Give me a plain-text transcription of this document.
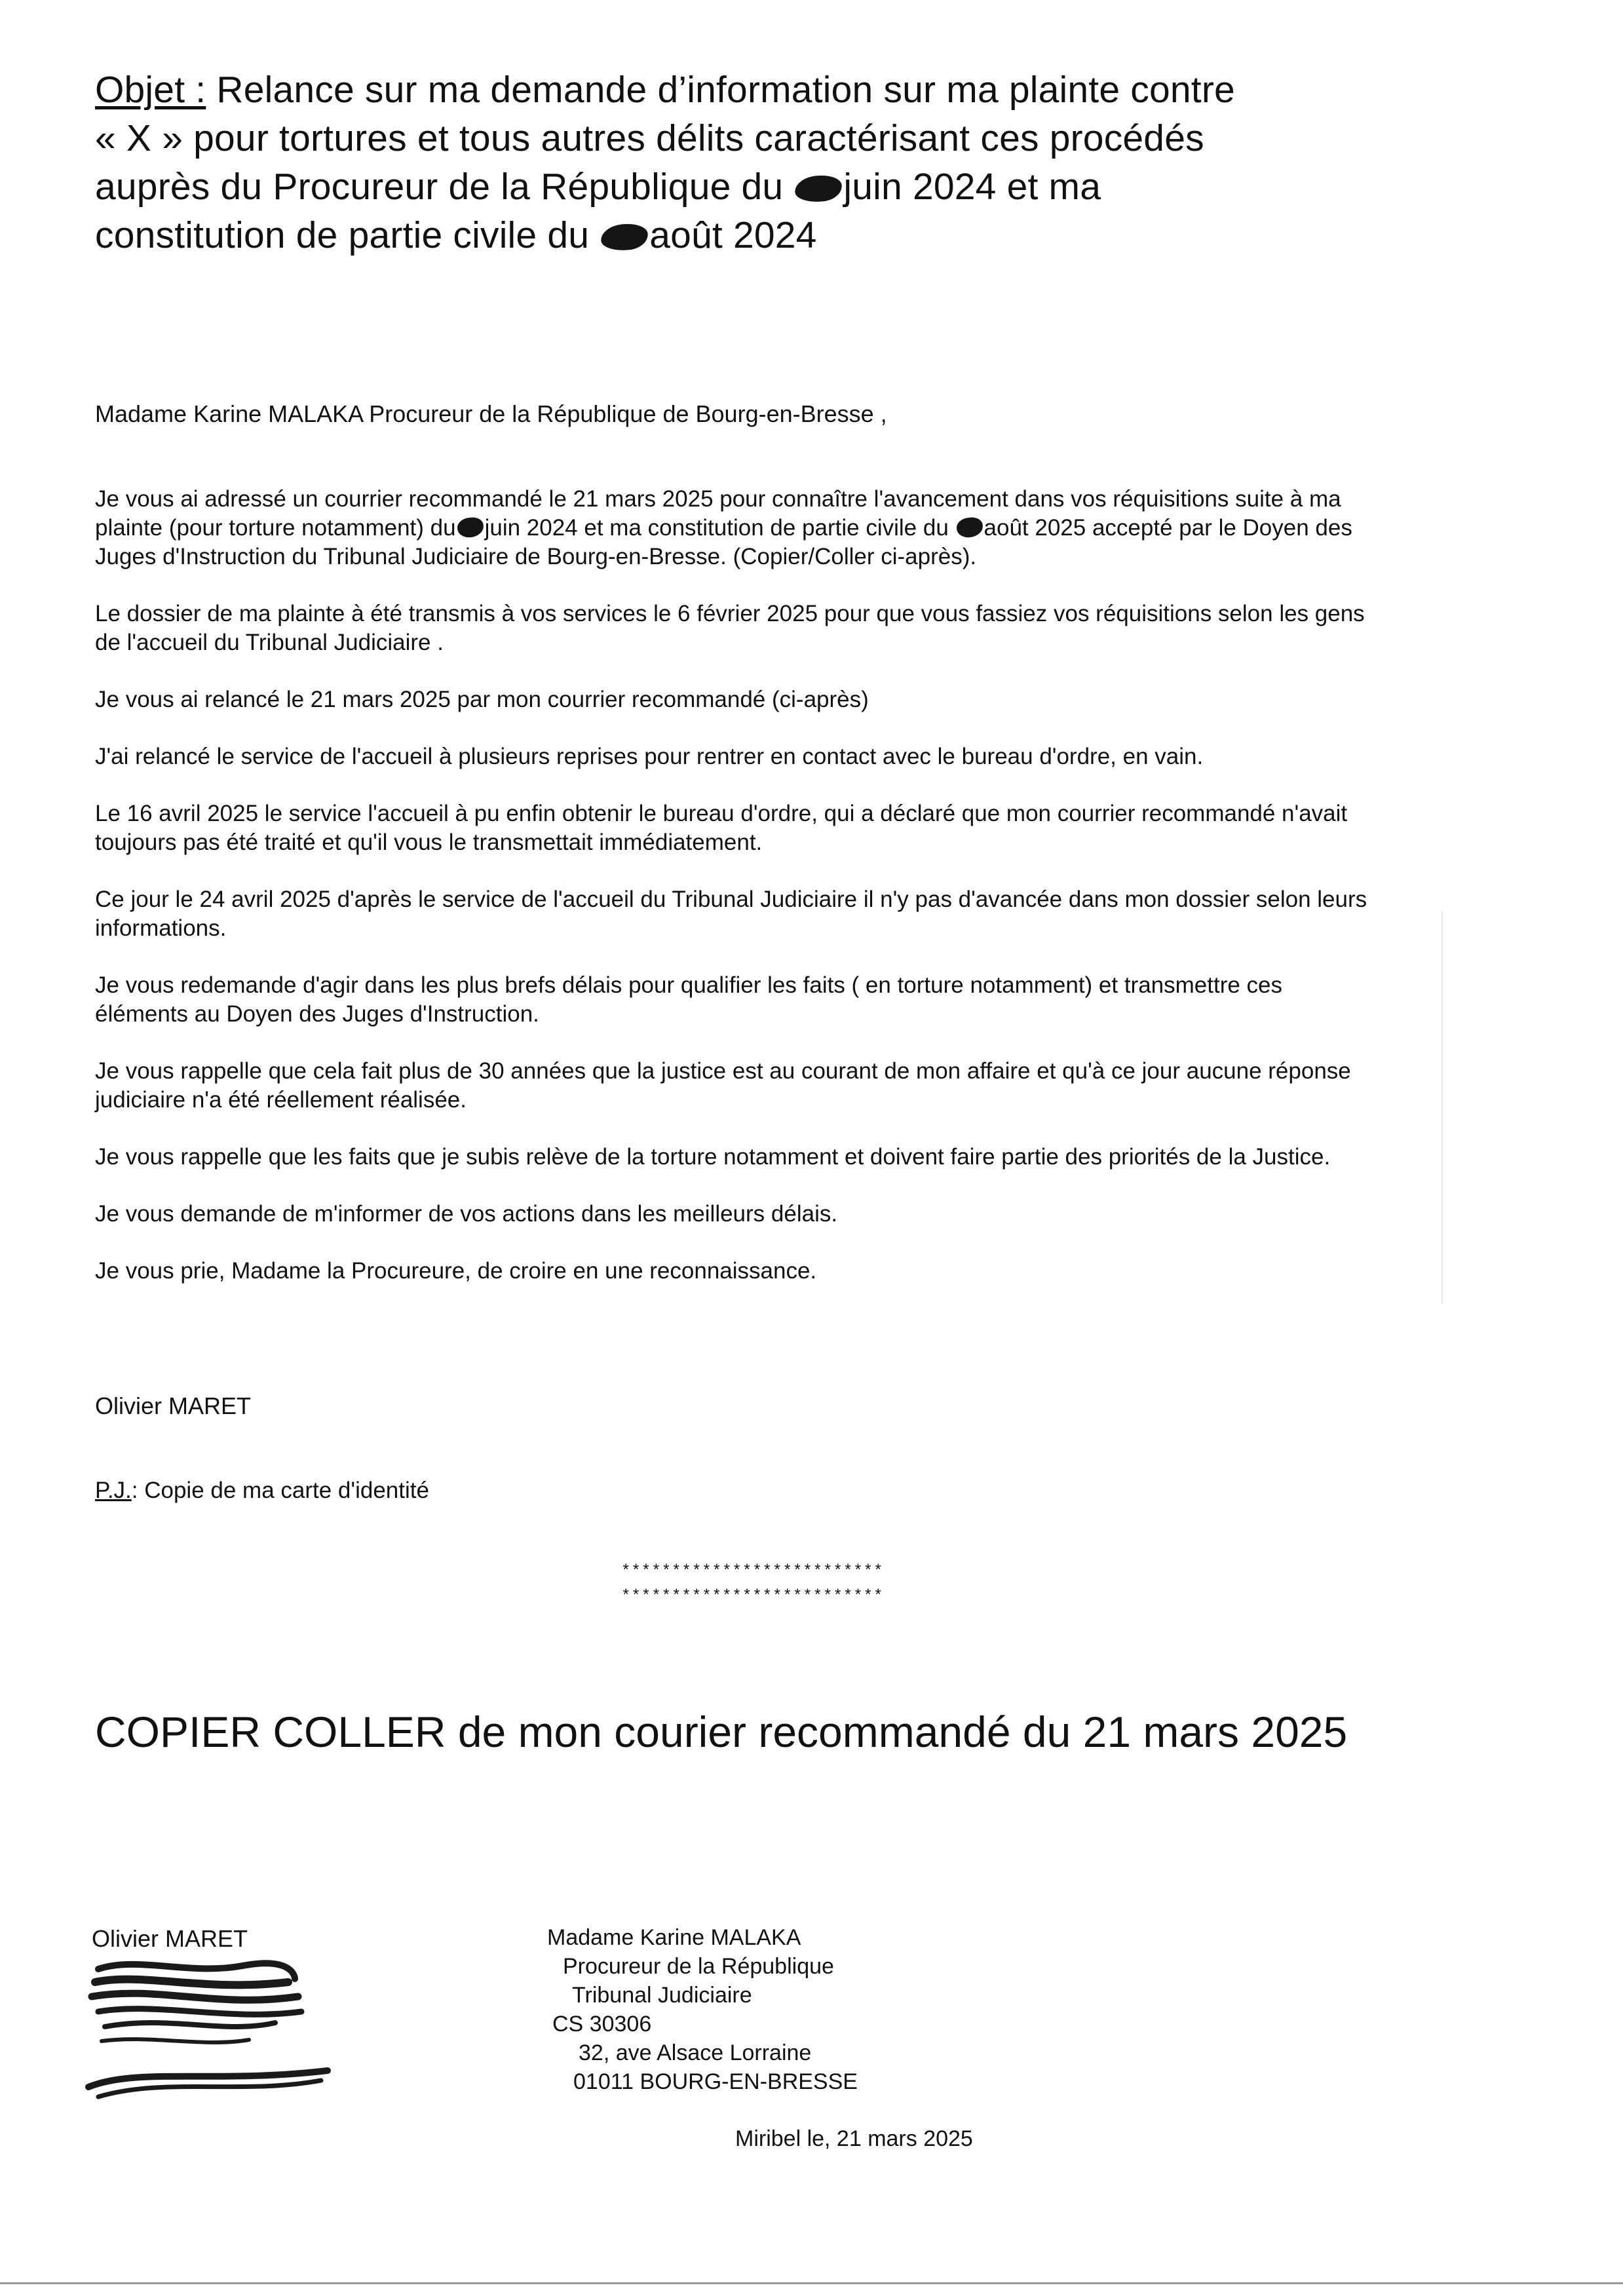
Objet : Relance sur ma demande d’information sur ma plainte contre
« X » pour tortures et tous autres délits caractérisant ces procédés
auprès du Procureur de la République du juin 2024 et ma
constitution de partie civile du août 2024
Madame Karine MALAKA Procureur de la République de Bourg-en-Bresse ,

Je vous ai adressé un courrier recommandé le 21 mars 2025 pour connaître l'avancement dans vos réquisitions suite à ma plainte (pour torture notamment) du juin 2024 et ma constitution de partie civile du août 2025 accepté par le Doyen des Juges d'Instruction du Tribunal Judiciaire de Bourg-en-Bresse. (Copier/Coller ci-après).

Le dossier de ma plainte à été transmis à vos services le 6 février 2025 pour que vous fassiez vos réquisitions selon les gens de l'accueil du Tribunal Judiciaire .

Je vous ai relancé le 21 mars 2025 par mon courrier recommandé (ci-après)

J'ai relancé le service de l'accueil à plusieurs reprises pour rentrer en contact avec le bureau d'ordre, en vain.

Le 16 avril 2025 le service l'accueil à pu enfin obtenir le bureau d'ordre, qui a déclaré que mon courrier recommandé n'avait toujours pas été traité et qu'il vous le transmettait immédiatement.

Ce jour le 24 avril 2025 d'après le service de l'accueil du Tribunal Judiciaire il n'y pas d'avancée dans mon dossier selon leurs informations.

Je vous redemande d'agir dans les plus brefs délais pour qualifier les faits ( en torture notamment) et transmettre ces éléments au Doyen des Juges d'Instruction.

Je vous rappelle que cela fait plus de 30 années que la justice est au courant de mon affaire et qu'à ce jour aucune réponse judiciaire n'a été réellement réalisée.

Je vous rappelle que les faits que je subis relève de la torture notamment et doivent faire partie des priorités de la Justice.

Je vous demande de m'informer de vos actions dans les meilleurs délais.

Je vous prie, Madame la Procureure, de croire en une reconnaissance.

Olivier MARET
P.J.: Copie de ma carte d'identité
**************************
**************************
COPIER COLLER de mon courier recommandé du 21 mars 2025
Olivier MARET	Madame Karine MALAKA
Procureur de la République
Tribunal Judiciaire
CS 30306
32, ave Alsace Lorraine
01011 BOURG-EN-BRESSE
Miribel le, 21 mars 2025
